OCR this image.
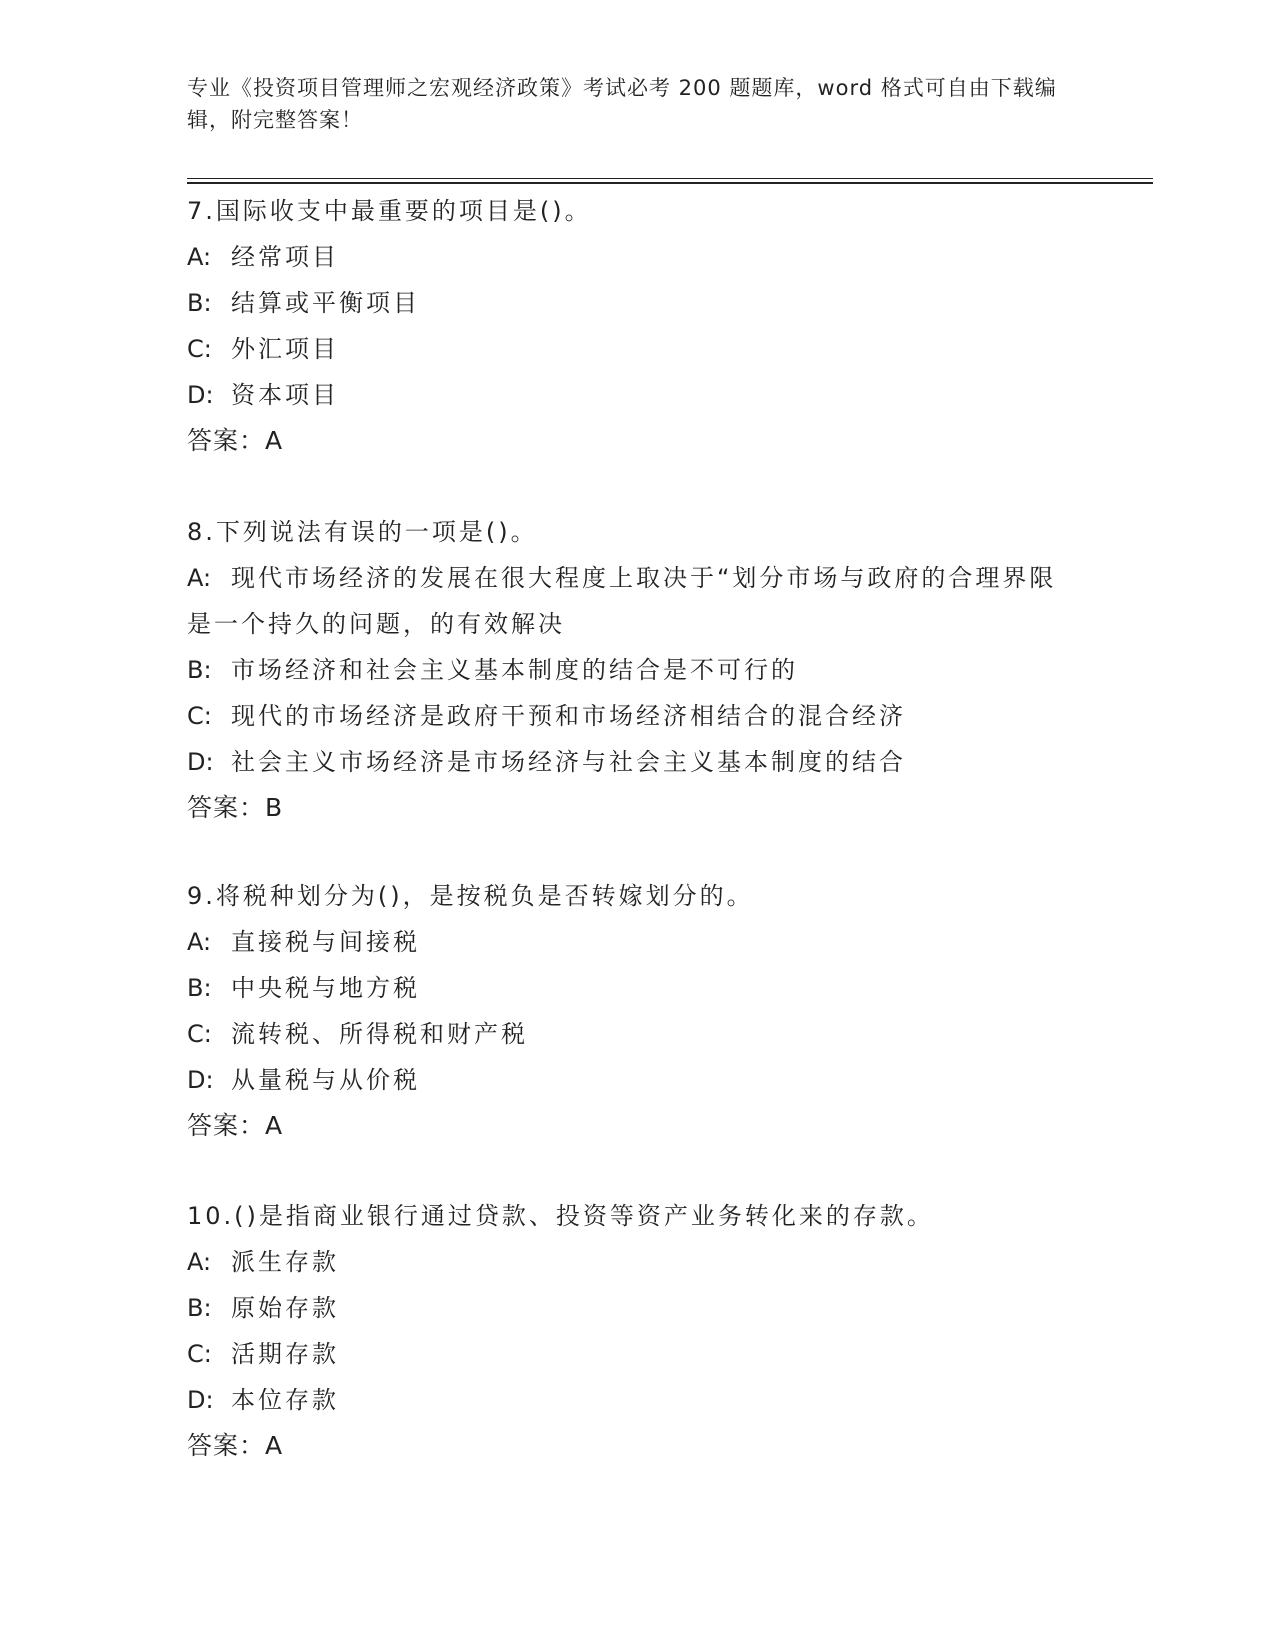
专业《投资项目管理师之宏观经济政策》考试必考 200 题题库，word 格式可自由下载编辑，附完整答案！
7.国际收支中最重要的项目是()。
A: 经常项目
B: 结算或平衡项目
C: 外汇项目
D: 资本项目
答案：A
8.下列说法有误的一项是()。
A: 现代市场经济的发展在很大程度上取决于“划分市场与政府的合理界限是一个持久的问题，的有效解决
B: 市场经济和社会主义基本制度的结合是不可行的
C: 现代的市场经济是政府干预和市场经济相结合的混合经济
D: 社会主义市场经济是市场经济与社会主义基本制度的结合
答案：B
9.将税种划分为()，是按税负是否转嫁划分的。
A: 直接税与间接税
B: 中央税与地方税
C: 流转税、所得税和财产税
D: 从量税与从价税
答案：A
10.()是指商业银行通过贷款、投资等资产业务转化来的存款。
A: 派生存款
B: 原始存款
C: 活期存款
D: 本位存款
答案：A
